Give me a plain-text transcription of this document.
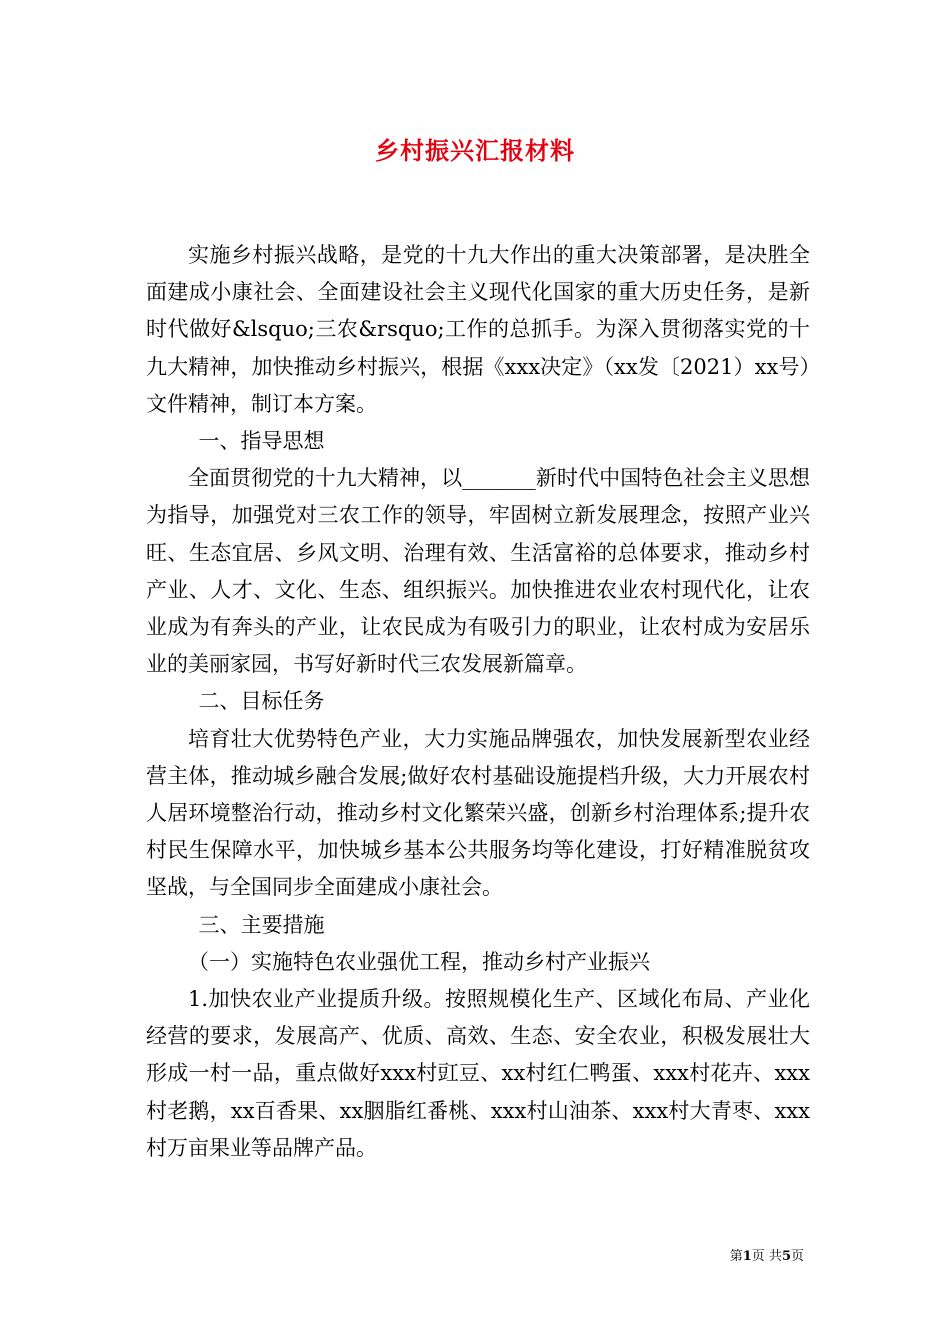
乡村振兴汇报材料

实施乡村振兴战略，是党的十九大作出的重大决策部署，是决胜全面建成小康社会、全面建设社会主义现代化国家的重大历史任务，是新时代做好&lsquo;三农&rsquo;工作的总抓手。为深入贯彻落实党的十九大精神，加快推动乡村振兴，根据《xxx决定》（xx发〔2021）xx号）文件精神，制订本方案。

一、指导思想

全面贯彻党的十九大精神，以_______新时代中国特色社会主义思想为指导，加强党对三农工作的领导，牢固树立新发展理念，按照产业兴旺、生态宜居、乡风文明、治理有效、生活富裕的总体要求，推动乡村产业、人才、文化、生态、组织振兴。加快推进农业农村现代化，让农业成为有奔头的产业，让农民成为有吸引力的职业，让农村成为安居乐业的美丽家园，书写好新时代三农发展新篇章。

二、目标任务

培育壮大优势特色产业，大力实施品牌强农，加快发展新型农业经营主体，推动城乡融合发展;做好农村基础设施提档升级，大力开展农村人居环境整治行动，推动乡村文化繁荣兴盛，创新乡村治理体系;提升农村民生保障水平，加快城乡基本公共服务均等化建设，打好精准脱贫攻坚战，与全国同步全面建成小康社会。

三、主要措施

（一）实施特色农业强优工程，推动乡村产业振兴

1.加快农业产业提质升级。按照规模化生产、区域化布局、产业化经营的要求，发展高产、优质、高效、生态、安全农业，积极发展壮大形成一村一品，重点做好xxx村豇豆、xx村红仁鸭蛋、xxx村花卉、xxx村老鹅，xx百香果、xx胭脂红番桃、xxx村山油茶、xxx村大青枣、xxx村万亩果业等品牌产品。

第1页 共5页
